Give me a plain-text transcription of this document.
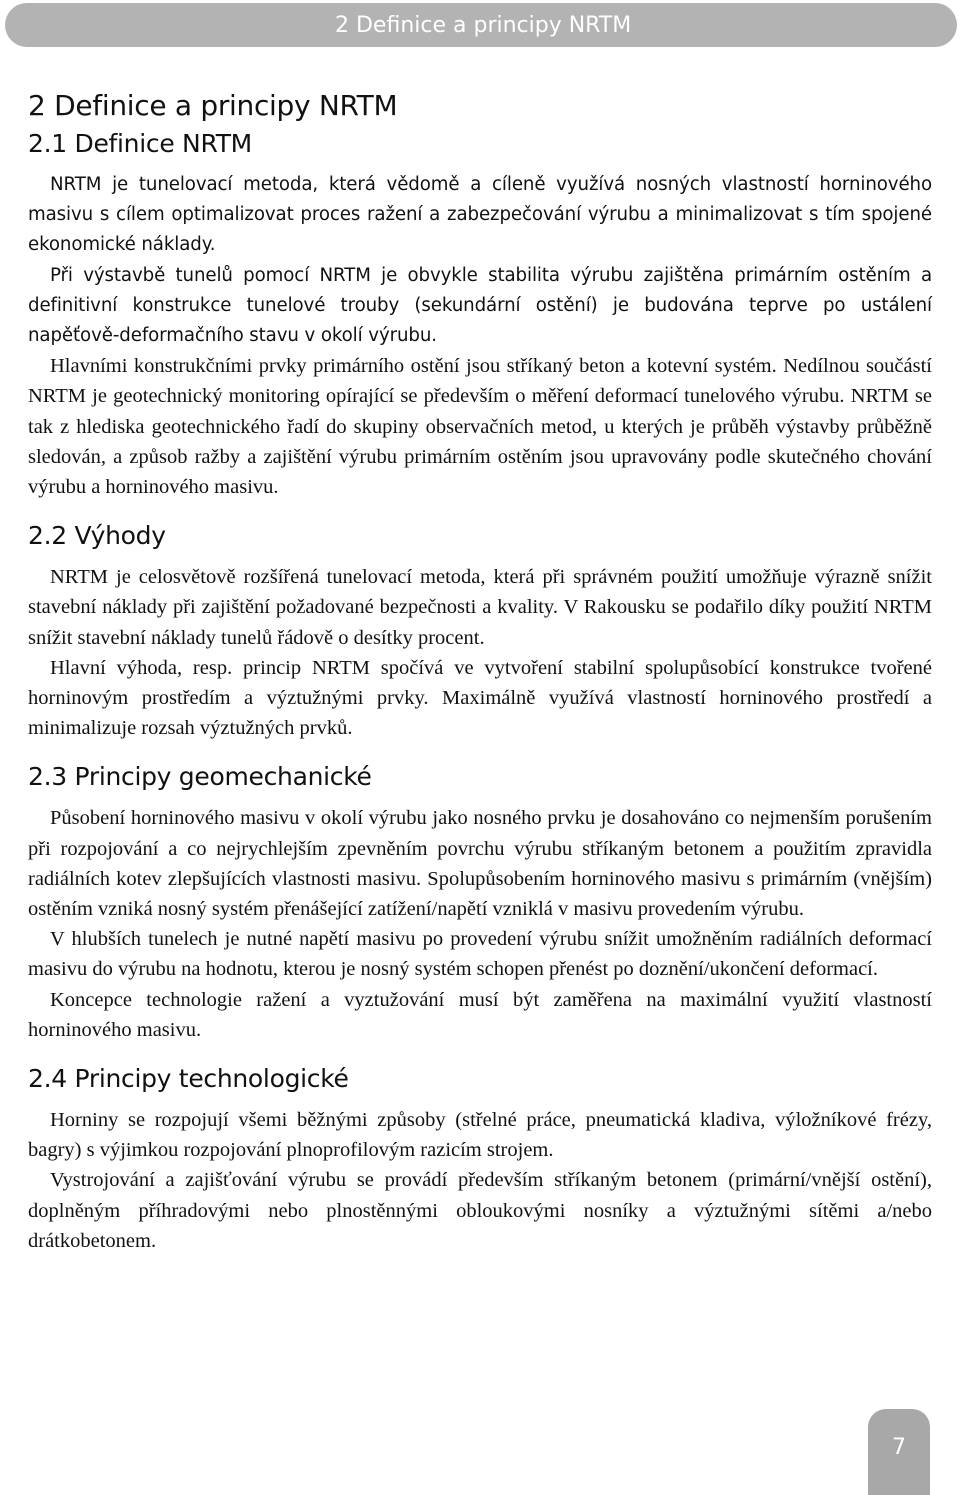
2 Definice a principy NRTM
2 Definice a principy NRTM
2.1 Definice NRTM

NRTM je tunelovací metoda, která vědomě a cíleně využívá nosných vlastností horninového masivu s cílem optimalizovat proces ražení a zabezpečování výrubu a minimalizovat s tím spojené ekonomické náklady.

Při výstavbě tunelů pomocí NRTM je obvykle stabilita výrubu zajištěna primárním ostěním a definitivní konstrukce tunelové trouby (sekundární ostění) je budována teprve po ustálení napěťově-deformačního stavu v okolí výrubu.

Hlavními konstrukčními prvky primárního ostění jsou stříkaný beton a kotevní systém. Nedílnou součástí NRTM je geotechnický monitoring opírající se především o měření deformací tunelového výrubu. NRTM se tak z hlediska geotechnického řadí do skupiny observačních metod, u kterých je průběh výstavby průběžně sledován, a způsob ražby a zajištění výrubu primárním ostěním jsou upravovány podle skutečného chování výrubu a horninového masivu.

2.2 Výhody

NRTM je celosvětově rozšířená tunelovací metoda, která při správném použití umožňuje výrazně snížit stavební náklady při zajištění požadované bezpečnosti a kvality. V Rakousku se podařilo díky použití NRTM snížit stavební náklady tunelů řádově o desítky procent.

Hlavní výhoda, resp. princip NRTM spočívá ve vytvoření stabilní spolupůsobící konstrukce tvořené horninovým prostředím a výztužnými prvky. Maximálně využívá vlastností horninového prostředí a minimalizuje rozsah výztužných prvků.

2.3 Principy geomechanické

Působení horninového masivu v okolí výrubu jako nosného prvku je dosahováno co nejmenším porušením při rozpojování a co nejrychlejším zpevněním povrchu výrubu stříkaným betonem a použitím zpravidla radiálních kotev zlepšujících vlastnosti masivu. Spolupůsobením horninového masivu s primárním (vnějším) ostěním vzniká nosný systém přenášející zatížení/napětí vzniklá v masivu provedením výrubu.

V hlubších tunelech je nutné napětí masivu po provedení výrubu snížit umožněním radiálních deformací masivu do výrubu na hodnotu, kterou je nosný systém schopen přenést po doznění/ukončení deformací.

Koncepce technologie ražení a vyztužování musí být zaměřena na maximální využití vlastností horninového masivu.

2.4 Principy technologické

Horniny se rozpojují všemi běžnými způsoby (střelné práce, pneumatická kladiva, výložníkové frézy, bagry) s výjimkou rozpojování plnoprofilovým razicím strojem.

Vystrojování a zajišťování výrubu se provádí především stříkaným betonem (primární/vnější ostění), doplněným příhradovými nebo plnostěnnými obloukovými nosníky a výztužnými sítěmi a/nebo drátkobetonem.

7
